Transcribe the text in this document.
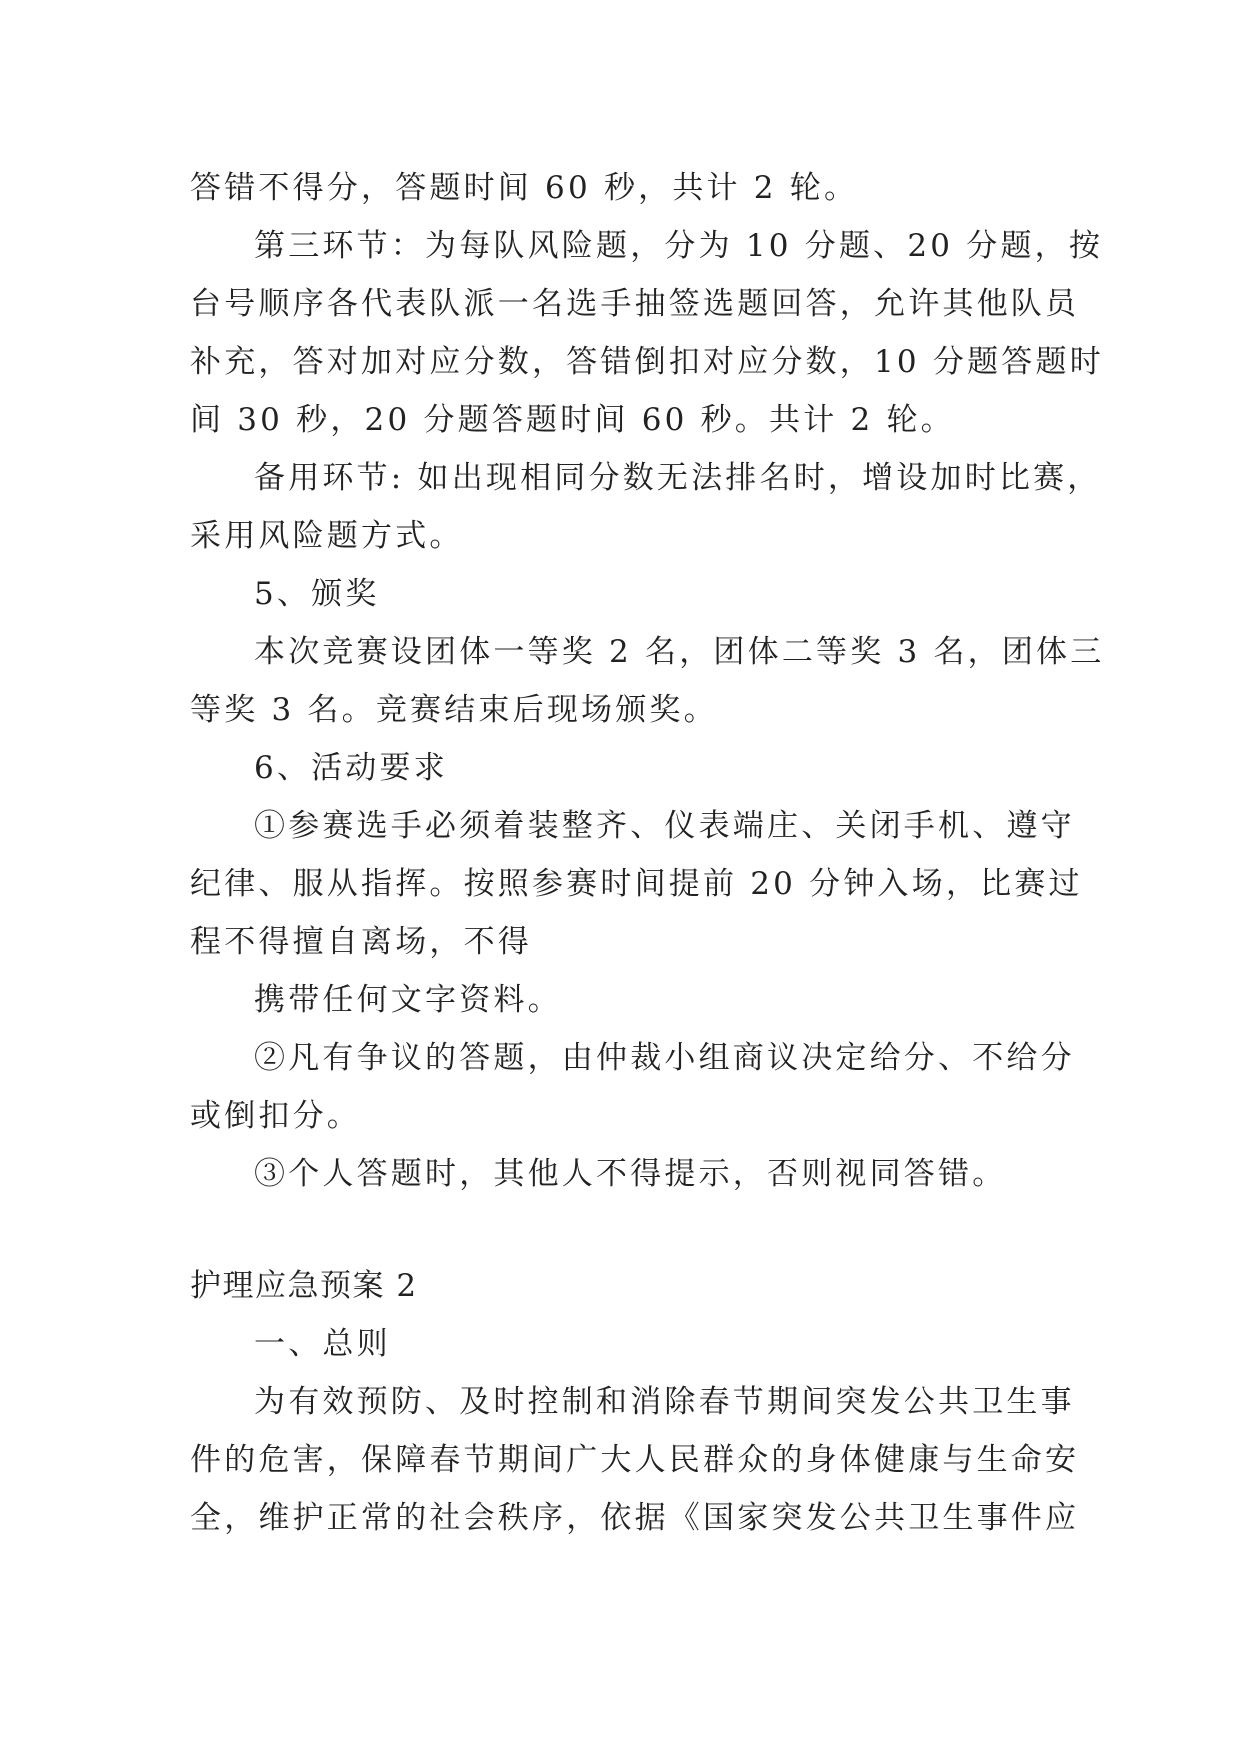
答错不得分，答题时间 60 秒，共计 2 轮。
第三环节：为每队风险题，分为 10 分题、20 分题，按
台号顺序各代表队派一名选手抽签选题回答，允许其他队员
补充，答对加对应分数，答错倒扣对应分数，10 分题答题时
间 30 秒，20 分题答题时间 60 秒。共计 2 轮。
备用环节: 如出现相同分数无法排名时，增设加时比赛，
采用风险题方式。
5、颁奖
本次竞赛设团体一等奖 2 名，团体二等奖 3 名，团体三
等奖 3 名。竞赛结束后现场颁奖。
6、活动要求
①参赛选手必须着装整齐、仪表端庄、关闭手机、遵守
纪律、服从指挥。按照参赛时间提前 20 分钟入场，比赛过
程不得擅自离场，不得
携带任何文字资料。
②凡有争议的答题，由仲裁小组商议决定给分、不给分
或倒扣分。
③个人答题时，其他人不得提示，否则视同答错。
护理应急预案 2
一、总则
为有效预防、及时控制和消除春节期间突发公共卫生事
件的危害，保障春节期间广大人民群众的身体健康与生命安
全，维护正常的社会秩序，依据《国家突发公共卫生事件应
